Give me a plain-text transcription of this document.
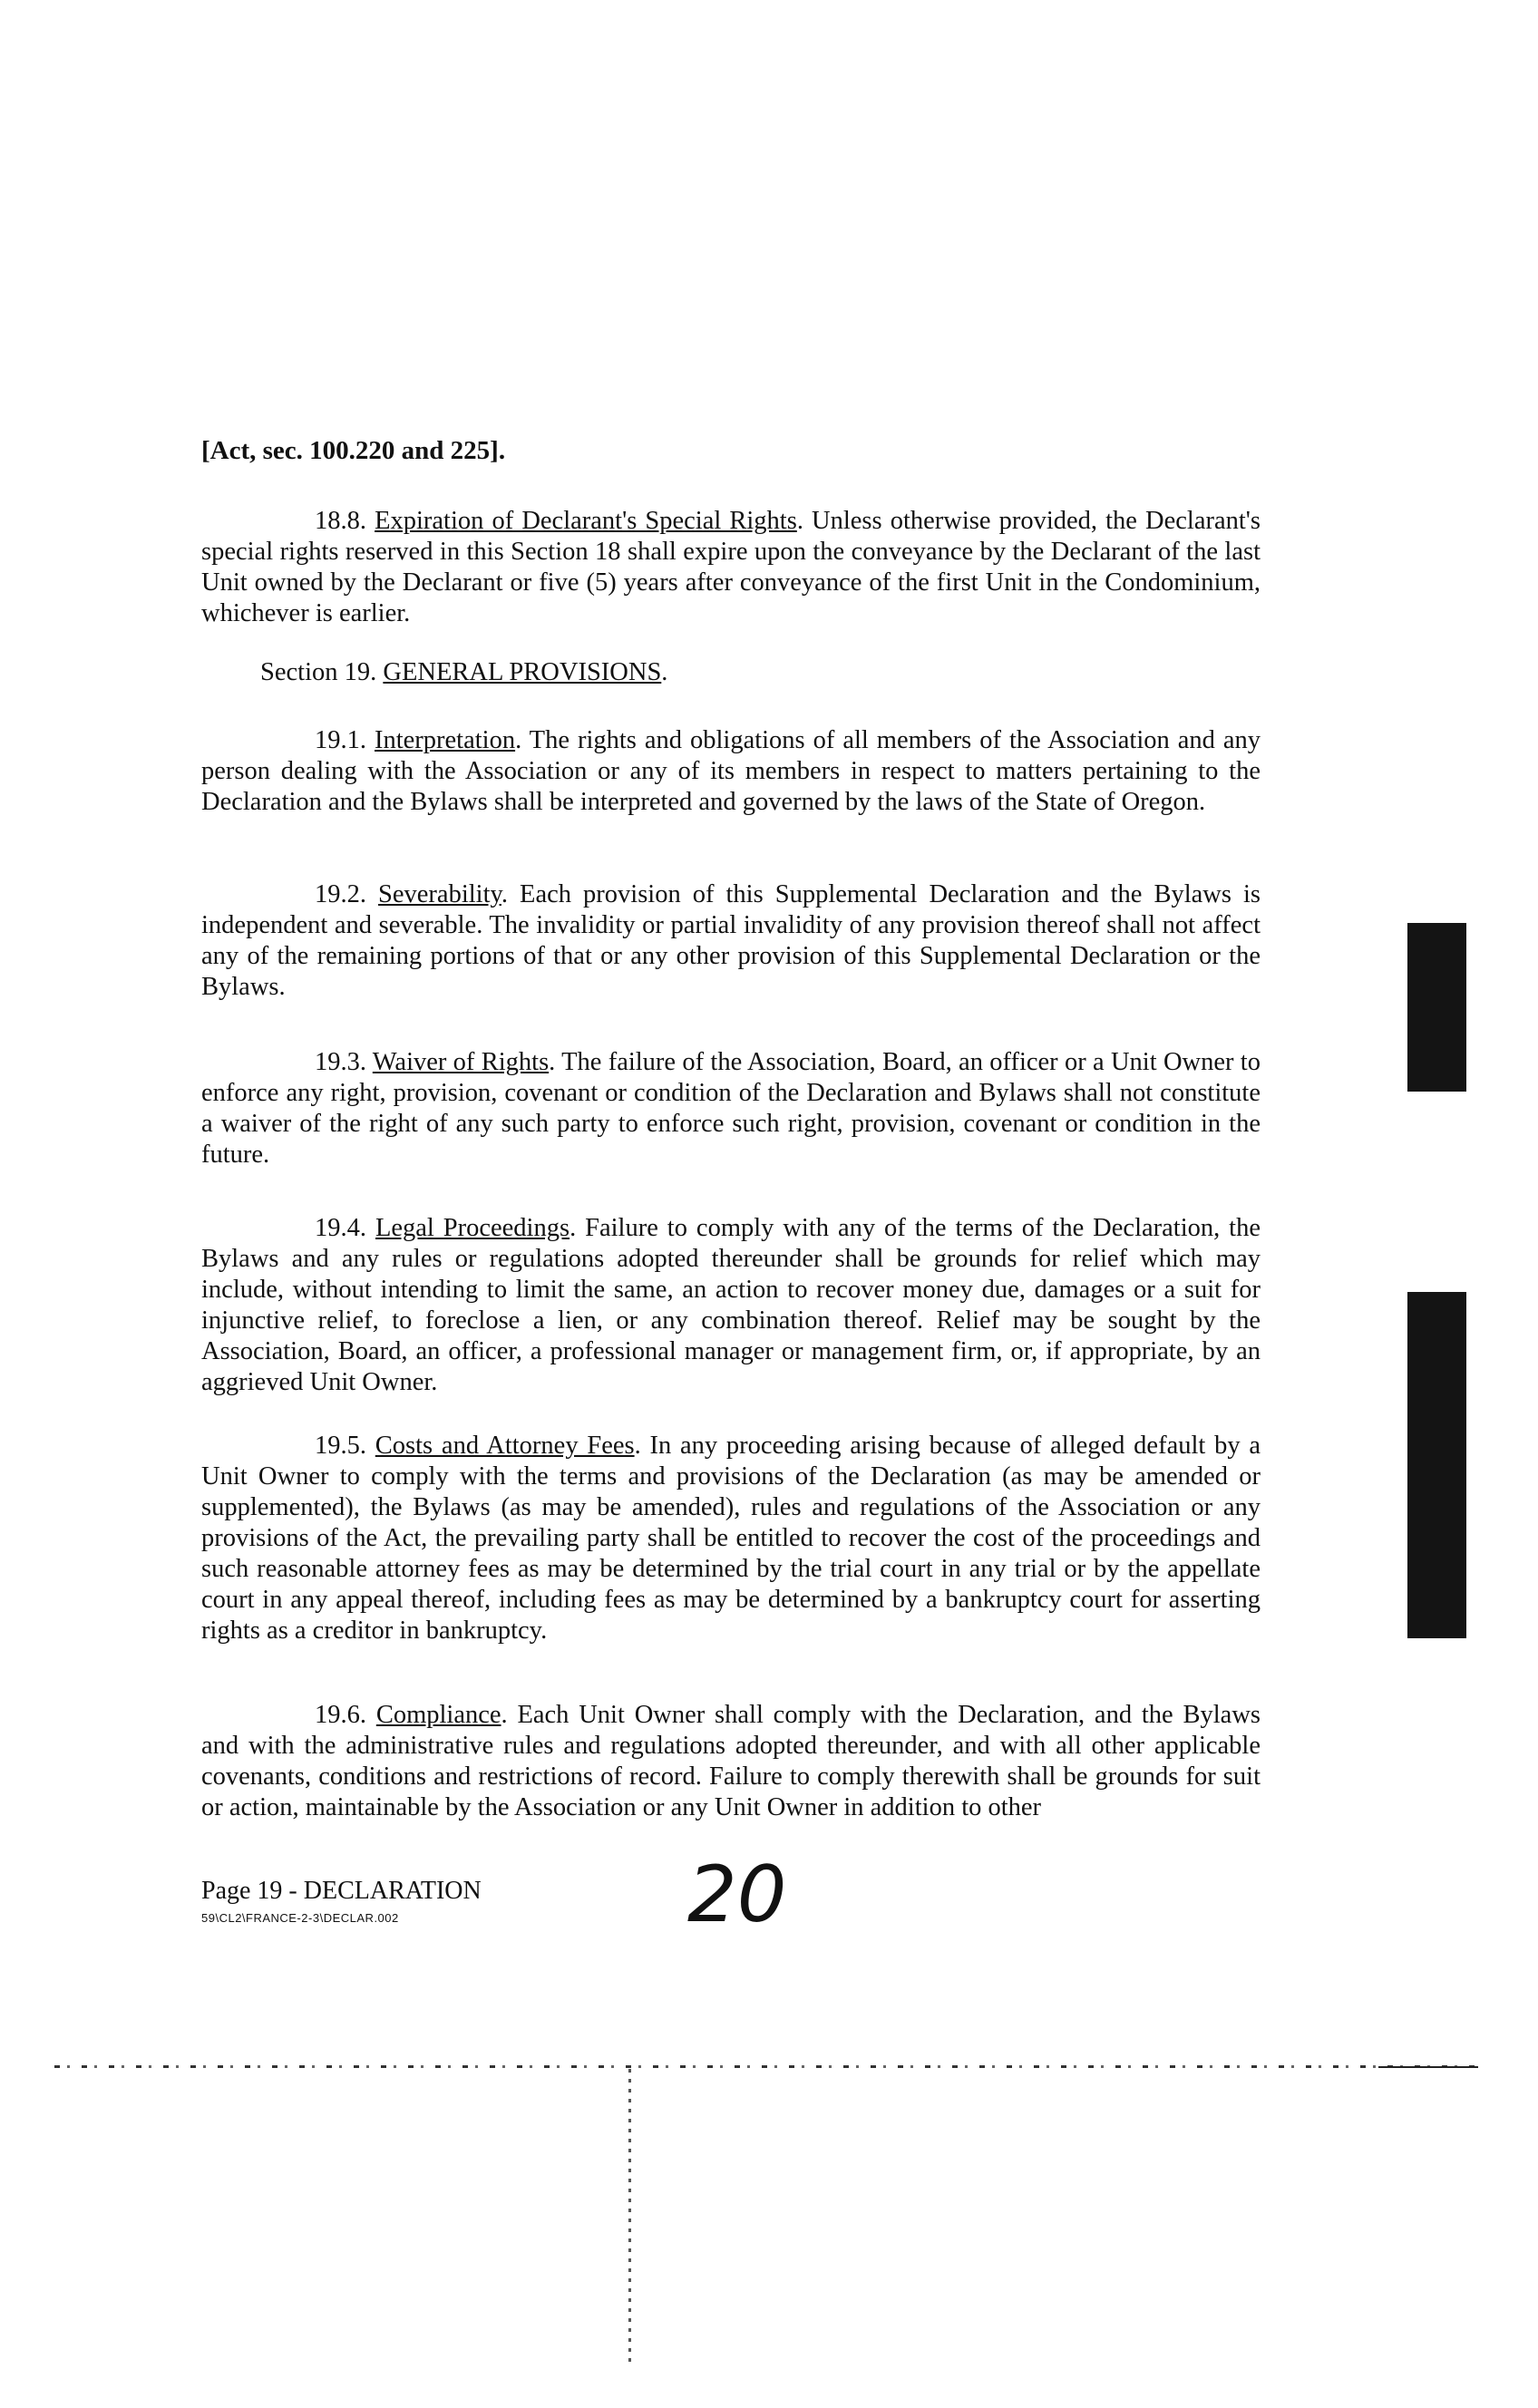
[Act, sec. 100.220 and 225].
18.8. Expiration of Declarant's Special Rights. Unless otherwise provided, the Declarant's special rights reserved in this Section 18 shall expire upon the conveyance by the Declarant of the last Unit owned by the Declarant or five (5) years after conveyance of the first Unit in the Condominium, whichever is earlier.
Section 19. GENERAL PROVISIONS.
19.1. Interpretation. The rights and obligations of all members of the Association and any person dealing with the Association or any of its members in respect to matters pertaining to the Declaration and the Bylaws shall be interpreted and governed by the laws of the State of Oregon.
19.2. Severability. Each provision of this Supplemental Declaration and the Bylaws is independent and severable. The invalidity or partial invalidity of any provision thereof shall not affect any of the remaining portions of that or any other provision of this Supplemental Declaration or the Bylaws.
19.3. Waiver of Rights. The failure of the Association, Board, an officer or a Unit Owner to enforce any right, provision, covenant or condition of the Declaration and Bylaws shall not constitute a waiver of the right of any such party to enforce such right, provision, covenant or condition in the future.
19.4. Legal Proceedings. Failure to comply with any of the terms of the Declaration, the Bylaws and any rules or regulations adopted thereunder shall be grounds for relief which may include, without intending to limit the same, an action to recover money due, damages or a suit for injunctive relief, to foreclose a lien, or any combination thereof. Relief may be sought by the Association, Board, an officer, a professional manager or management firm, or, if appropriate, by an aggrieved Unit Owner.
19.5. Costs and Attorney Fees. In any proceeding arising because of alleged default by a Unit Owner to comply with the terms and provisions of the Declaration (as may be amended or supplemented), the Bylaws (as may be amended), rules and regulations of the Association or any provisions of the Act, the prevailing party shall be entitled to recover the cost of the proceedings and such reasonable attorney fees as may be determined by the trial court in any trial or by the appellate court in any appeal thereof, including fees as may be determined by a bankruptcy court for asserting rights as a creditor in bankruptcy.
19.6. Compliance. Each Unit Owner shall comply with the Declaration, and the Bylaws and with the administrative rules and regulations adopted thereunder, and with all other applicable covenants, conditions and restrictions of record. Failure to comply therewith shall be grounds for suit or action, maintainable by the Association or any Unit Owner in addition to other
Page 19 - DECLARATION
59\CL2\FRANCE-2-3\DECLAR.002	20
